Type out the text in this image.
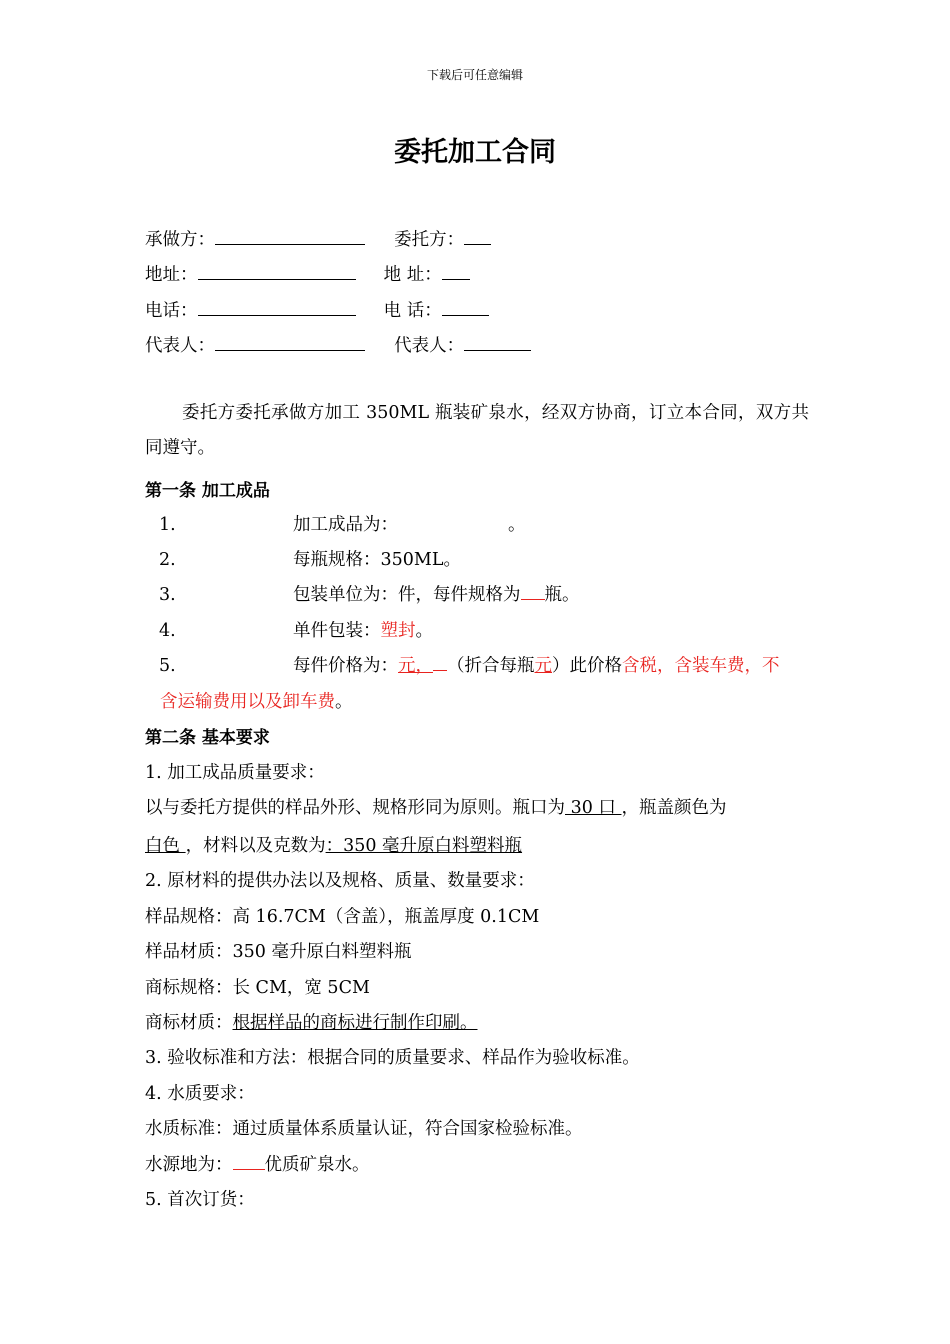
下载后可任意编辑
委托加工合同
承做方：	委托方：
地址：	地 址：
电话：	电 话：
代表人：	代表人：
委托方委托承做方加工 350ML 瓶装矿泉水，经双方协商，订立本合同，双方共同遵守。
第一条 加工成品
1.	加工成品为：	。
2.	每瓶规格：350ML。
3.	包装单位为：件，每件规格为 瓶。
4.	单件包装：塑封。
5.	每件价格为：元， （折合每瓶元）此价格含税，含装车费，不
含运输费用以及卸车费。
第二条 基本要求
1. 加工成品质量要求：
以与委托方提供的样品外形、规格形同为原则。瓶口为 30 口 ，瓶盖颜色为
白色 ，材料以及克数为：350 毫升原白料塑料瓶
2. 原材料的提供办法以及规格、质量、数量要求：
样品规格：高 16.7CM（含盖），瓶盖厚度 0.1CM
样品材质：350 毫升原白料塑料瓶
商标规格：长 CM，宽 5CM
商标材质：根据样品的商标进行制作印刷。
3. 验收标准和方法：根据合同的质量要求、样品作为验收标准。
4. 水质要求：
水质标准：通过质量体系质量认证，符合国家检验标准。
水源地为： 优质矿泉水。
5. 首次订货：
